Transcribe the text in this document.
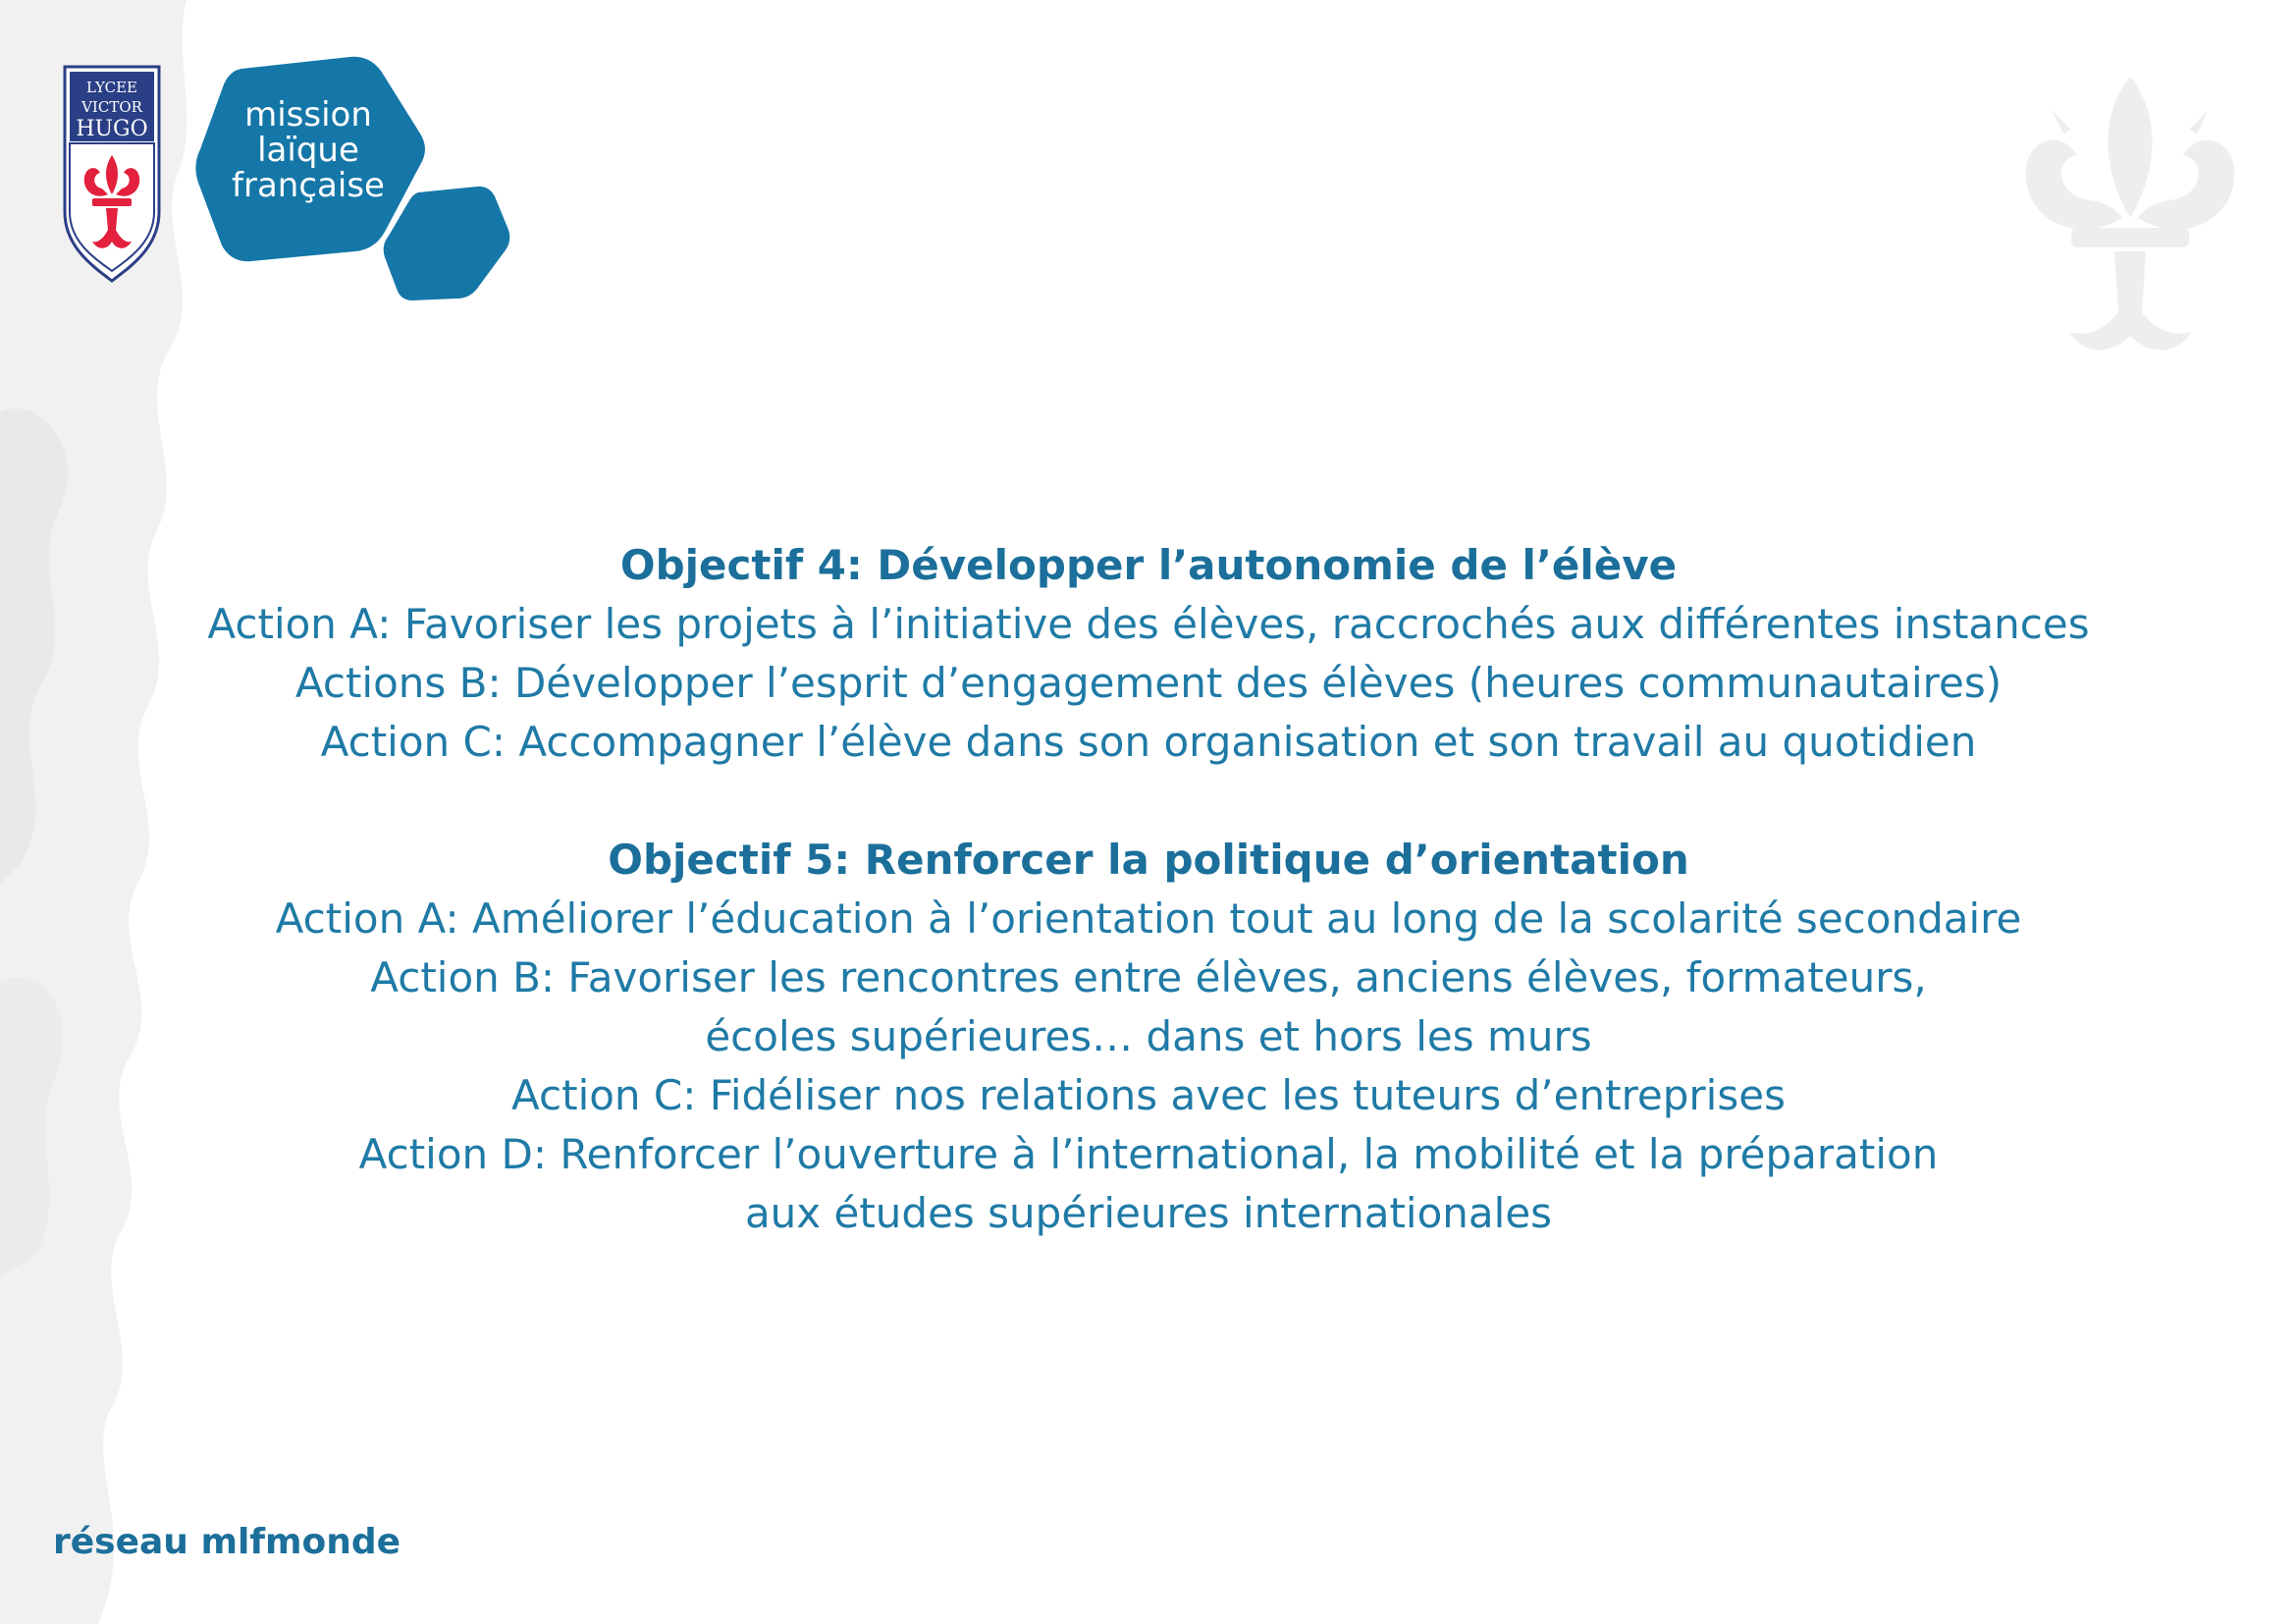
LYCEE
VICTOR
HUGO	mission
laïque
française
Objectif 4: Développer l’autonomie de l’élève
Action A: Favoriser les projets à l’initiative des élèves, raccrochés aux différentes instances
Actions B: Développer l’esprit d’engagement des élèves (heures communautaires)
Action C: Accompagner l’élève dans son organisation et son travail au quotidien
Objectif 5: Renforcer la politique d’orientation
Action A: Améliorer l’éducation à l’orientation tout au long de la scolarité secondaire
Action B: Favoriser les rencontres entre élèves, anciens élèves, formateurs,
écoles supérieures… dans et hors les murs
Action C: Fidéliser nos relations avec les tuteurs d’entreprises
Action D: Renforcer l’ouverture à l’international, la mobilité et la préparation
aux études supérieures internationales
réseau mlfmonde
